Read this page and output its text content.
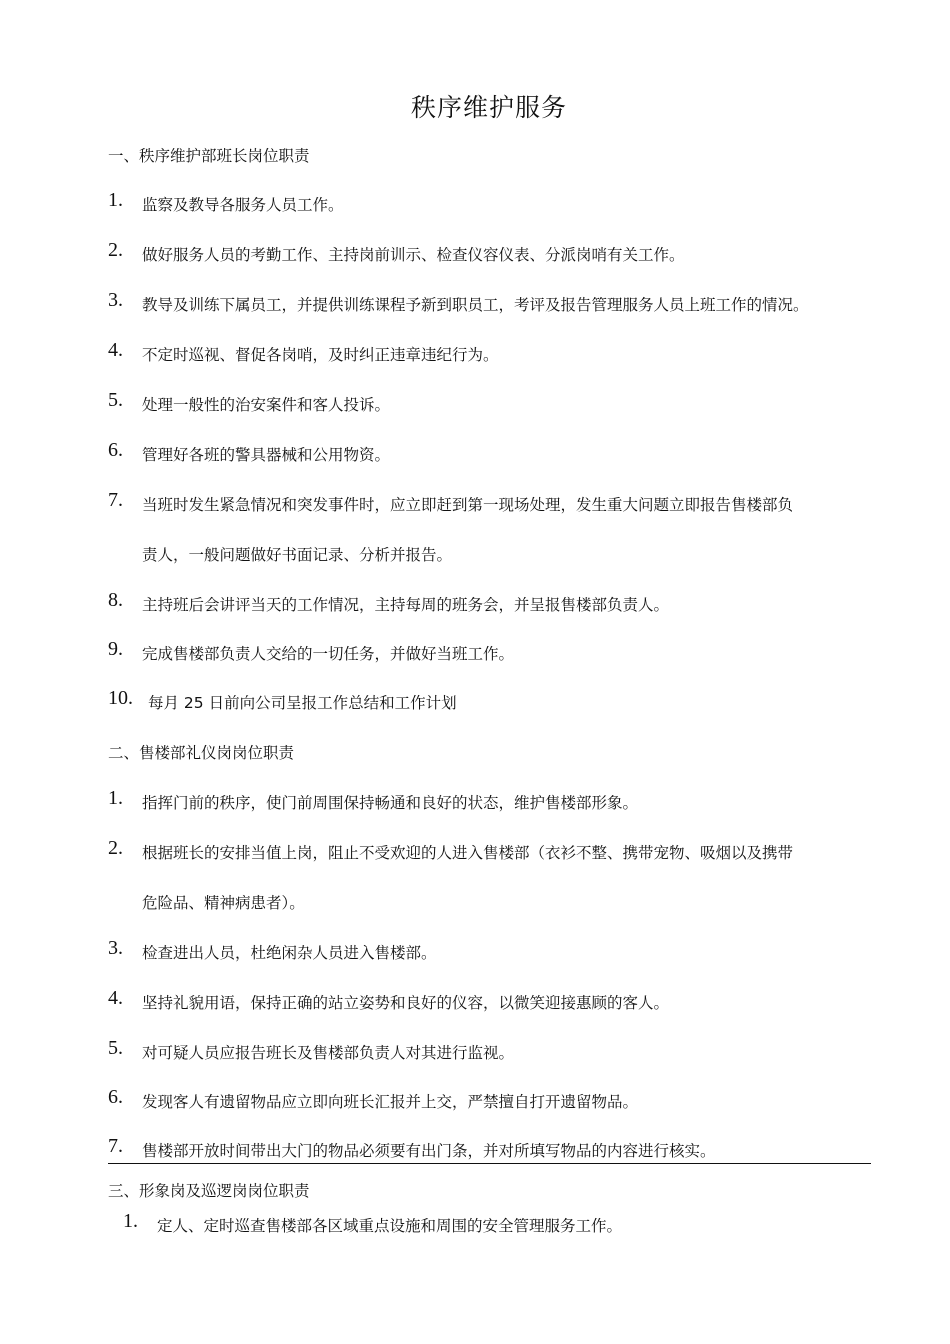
秩序维护服务
一、秩序维护部班长岗位职责
1. 监察及教导各服务人员工作。
2. 做好服务人员的考勤工作、主持岗前训示、检查仪容仪表、分派岗哨有关工作。
3. 教导及训练下属员工，并提供训练课程予新到职员工，考评及报告管理服务人员上班工作的情况。
4. 不定时巡视、督促各岗哨，及时纠正违章违纪行为。
5. 处理一般性的治安案件和客人投诉。
6. 管理好各班的警具器械和公用物资。
7. 当班时发生紧急情况和突发事件时，应立即赶到第一现场处理，发生重大问题立即报告售楼部负
责人，一般问题做好书面记录、分析并报告。
8. 主持班后会讲评当天的工作情况，主持每周的班务会，并呈报售楼部负责人。
9. 完成售楼部负责人交给的一切任务，并做好当班工作。
10. 每月 25 日前向公司呈报工作总结和工作计划
二、售楼部礼仪岗岗位职责
1. 指挥门前的秩序，使门前周围保持畅通和良好的状态，维护售楼部形象。
2. 根据班长的安排当值上岗，阻止不受欢迎的人进入售楼部（衣衫不整、携带宠物、吸烟以及携带
危险品、精神病患者）。
3. 检查进出人员，杜绝闲杂人员进入售楼部。
4. 坚持礼貌用语，保持正确的站立姿势和良好的仪容，以微笑迎接惠顾的客人。
5. 对可疑人员应报告班长及售楼部负责人对其进行监视。
6. 发现客人有遗留物品应立即向班长汇报并上交，严禁擅自打开遗留物品。
7. 售楼部开放时间带出大门的物品必须要有出门条，并对所填写物品的内容进行核实。
三、形象岗及巡逻岗岗位职责
1. 定人、定时巡查售楼部各区域重点设施和周围的安全管理服务工作。
